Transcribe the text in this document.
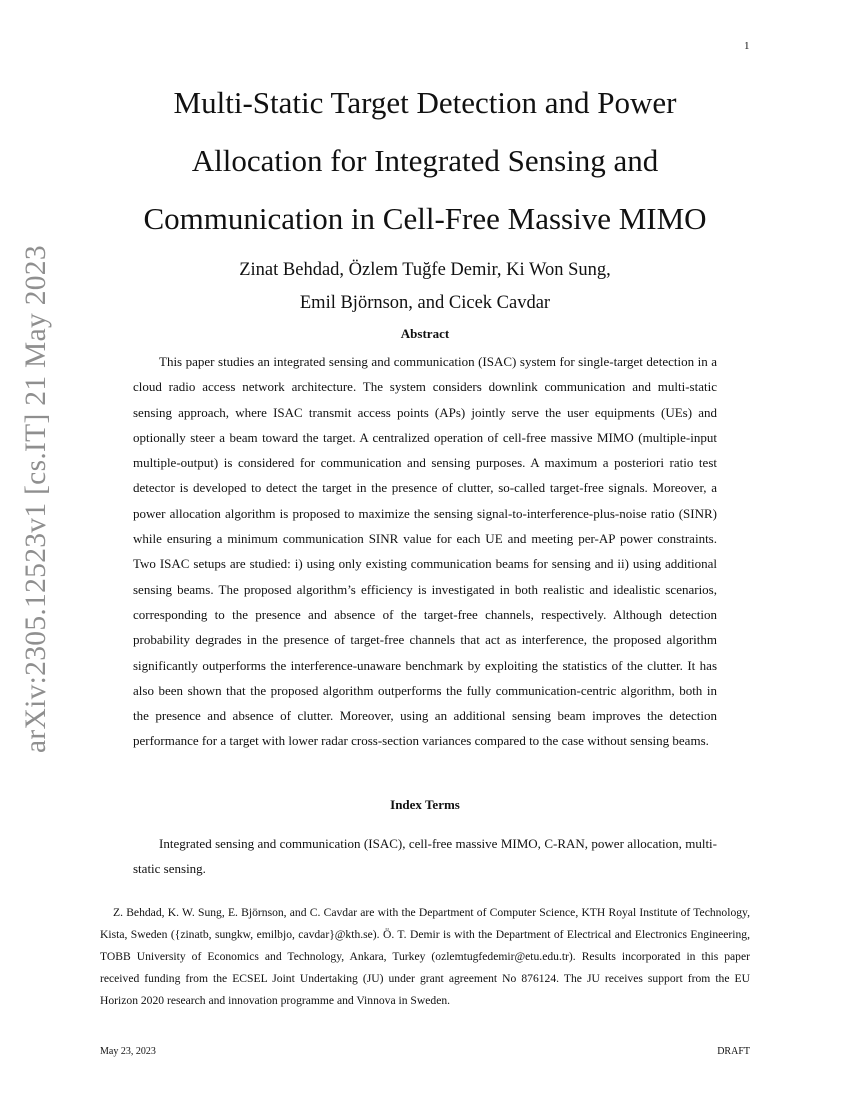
1
arXiv:2305.12523v1 [cs.IT] 21 May 2023
Multi-Static Target Detection and Power
Allocation for Integrated Sensing and
Communication in Cell-Free Massive MIMO
Zinat Behdad, Özlem Tuğfe Demir, Ki Won Sung,
Emil Björnson, and Cicek Cavdar
Abstract

This paper studies an integrated sensing and communication (ISAC) system for single-target detection in a cloud radio access network architecture. The system considers downlink communication and multi-static sensing approach, where ISAC transmit access points (APs) jointly serve the user equipments (UEs) and optionally steer a beam toward the target. A centralized operation of cell-free massive MIMO (multiple-input multiple-output) is considered for communication and sensing purposes. A maximum a posteriori ratio test detector is developed to detect the target in the presence of clutter, so-called target-free signals. Moreover, a power allocation algorithm is proposed to maximize the sensing signal-to-interference-plus-noise ratio (SINR) while ensuring a minimum communication SINR value for each UE and meeting per-AP power constraints. Two ISAC setups are studied: i) using only existing communication beams for sensing and ii) using additional sensing beams. The proposed algorithm’s efficiency is investigated in both realistic and idealistic scenarios, corresponding to the presence and absence of the target-free channels, respectively. Although detection probability degrades in the presence of target-free channels that act as interference, the proposed algorithm significantly outperforms the interference-unaware benchmark by exploiting the statistics of the clutter. It has also been shown that the proposed algorithm outperforms the fully communication-centric algorithm, both in the presence and absence of clutter. Moreover, using an additional sensing beam improves the detection performance for a target with lower radar cross-section variances compared to the case without sensing beams.

Index Terms

Integrated sensing and communication (ISAC), cell-free massive MIMO, C-RAN, power allocation, multi-static sensing.

Z. Behdad, K. W. Sung, E. Björnson, and C. Cavdar are with the Department of Computer Science, KTH Royal Institute of Technology, Kista, Sweden ({zinatb, sungkw, emilbjo, cavdar}@kth.se). Ö. T. Demir is with the Department of Electrical and Electronics Engineering, TOBB University of Economics and Technology, Ankara, Turkey (ozlemtugfedemir@etu.edu.tr). Results incorporated in this paper received funding from the ECSEL Joint Undertaking (JU) under grant agreement No 876124. The JU receives support from the EU Horizon 2020 research and innovation programme and Vinnova in Sweden.

May 23, 2023	DRAFT
